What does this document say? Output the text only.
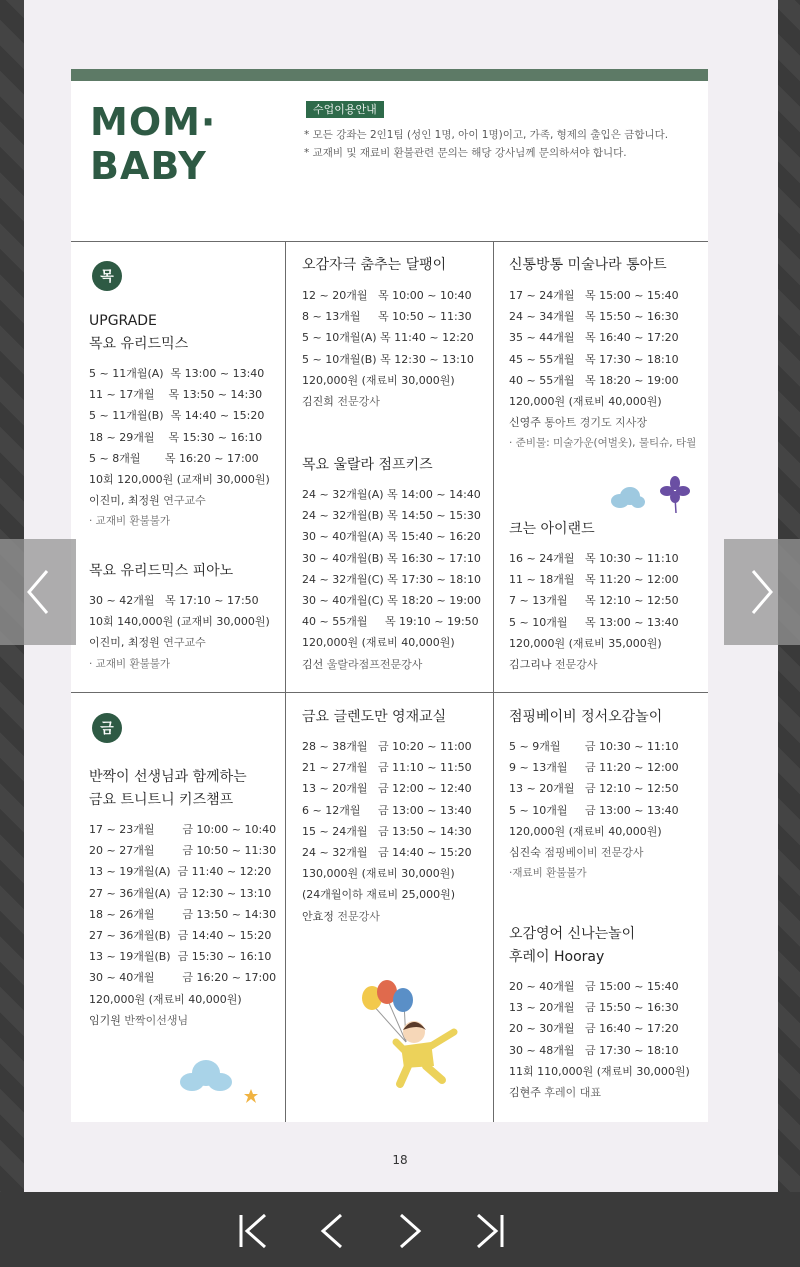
MOM·
BABY
수업이용안내
* 모든 강좌는 2인1팀 (성인 1명, 아이 1명)이고, 가족, 형제의 출입은 금합니다.
* 교재비 및 재료비 환불관련 문의는 해당 강사님께 문의하셔야 합니다.
목
UPGRADE
목요 유리드믹스
5 ~ 11개월(A)  목 13:00 ~ 13:40
11 ~ 17개월    목 13:50 ~ 14:30
5 ~ 11개월(B)  목 14:40 ~ 15:20
18 ~ 29개월    목 15:30 ~ 16:10
5 ~ 8개월       목 16:20 ~ 17:00
10회 120,000원 (교재비 30,000원)
이진미, 최정원 연구교수
· 교재비 환불불가
목요 유리드믹스 피아노
30 ~ 42개월   목 17:10 ~ 17:50
10회 140,000원 (교재비 30,000원)
이진미, 최정원 연구교수
· 교재비 환불불가
오감자극 춤추는 달팽이
12 ~ 20개월   목 10:00 ~ 10:40
8 ~ 13개월     목 10:50 ~ 11:30
5 ~ 10개월(A) 목 11:40 ~ 12:20
5 ~ 10개월(B) 목 12:30 ~ 13:10
120,000원 (재료비 30,000원)
김진희 전문강사
목요 울랄라 점프키즈
24 ~ 32개월(A) 목 14:00 ~ 14:40
24 ~ 32개월(B) 목 14:50 ~ 15:30
30 ~ 40개월(A) 목 15:40 ~ 16:20
30 ~ 40개월(B) 목 16:30 ~ 17:10
24 ~ 32개월(C) 목 17:30 ~ 18:10
30 ~ 40개월(C) 목 18:20 ~ 19:00
40 ~ 55개월     목 19:10 ~ 19:50
120,000원 (재료비 40,000원)
김선 울랄라점프전문강사
신통방통 미술나라 통아트
17 ~ 24개월   목 15:00 ~ 15:40
24 ~ 34개월   목 15:50 ~ 16:30
35 ~ 44개월   목 16:40 ~ 17:20
45 ~ 55개월   목 17:30 ~ 18:10
40 ~ 55개월   목 18:20 ~ 19:00
120,000원 (재료비 40,000원)
신영주 통아트 경기도 지사장
· 준비물: 미술가운(여벌옷), 물티슈, 타월
크는 아이랜드
16 ~ 24개월   목 10:30 ~ 11:10
11 ~ 18개월   목 11:20 ~ 12:00
7 ~ 13개월     목 12:10 ~ 12:50
5 ~ 10개월     목 13:00 ~ 13:40
120,000원 (재료비 35,000원)
김그리나 전문강사
금
반짝이 선생님과 함께하는
금요 트니트니 키즈챔프
17 ~ 23개월        금 10:00 ~ 10:40
20 ~ 27개월        금 10:50 ~ 11:30
13 ~ 19개월(A)  금 11:40 ~ 12:20
27 ~ 36개월(A)  금 12:30 ~ 13:10
18 ~ 26개월        금 13:50 ~ 14:30
27 ~ 36개월(B)  금 14:40 ~ 15:20
13 ~ 19개월(B)  금 15:30 ~ 16:10
30 ~ 40개월        금 16:20 ~ 17:00
120,000원 (재료비 40,000원)
임기원 반짝이선생님
금요 글렌도만 영재교실
28 ~ 38개월   금 10:20 ~ 11:00
21 ~ 27개월   금 11:10 ~ 11:50
13 ~ 20개월   금 12:00 ~ 12:40
6 ~ 12개월     금 13:00 ~ 13:40
15 ~ 24개월   금 13:50 ~ 14:30
24 ~ 32개월   금 14:40 ~ 15:20
130,000원 (재료비 30,000원)
(24개월이하 재료비 25,000원)
안효정 전문강사
점핑베이비 정서오감놀이
5 ~ 9개월       금 10:30 ~ 11:10
9 ~ 13개월     금 11:20 ~ 12:00
13 ~ 20개월   금 12:10 ~ 12:50
5 ~ 10개월     금 13:00 ~ 13:40
120,000원 (재료비 40,000원)
심진숙 점핑베이비 전문강사
·재료비 환불불가
오감영어 신나는놀이
후레이 Hooray
20 ~ 40개월   금 15:00 ~ 15:40
13 ~ 20개월   금 15:50 ~ 16:30
20 ~ 30개월   금 16:40 ~ 17:20
30 ~ 48개월   금 17:30 ~ 18:10
11회 110,000원 (재료비 30,000원)
김현주 후레이 대표
18
